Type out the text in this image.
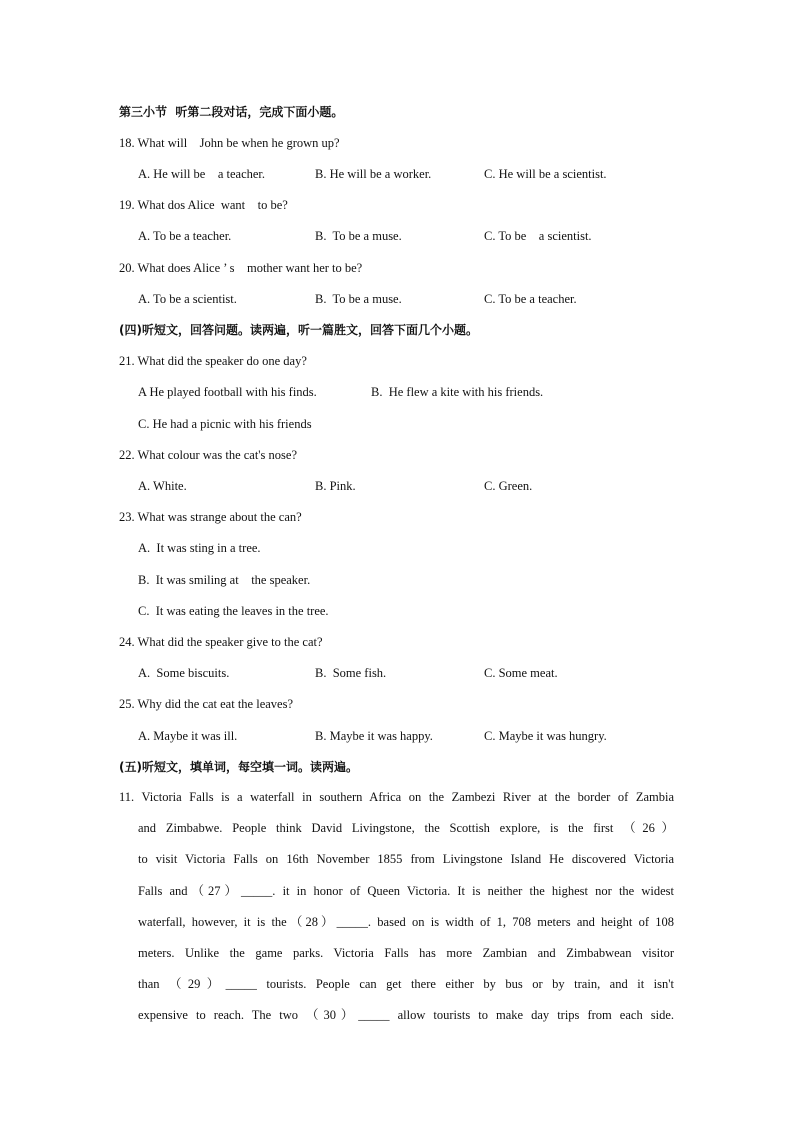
第三小节  听第二段对话，完成下面小题。
18. What will    John be when he grown up?
A. He will be    a teacher.	B. He will be a worker.	C. He will be a scientist.
19. What dos Alice  want    to be?
A. To be a teacher.	B.  To be a muse.	C. To be    a scientist.
20. What does Alice ’ s    mother want her to be?
A. To be a scientist.	B.  To be a muse.	C. To be a teacher.
(四)听短文，回答问题。读两遍，听一篇胜文，回答下面几个小题。
21. What did the speaker do one day?
A He played football with his finds.	B.  He flew a kite with his friends.
C. He had a picnic with his friends
22. What colour was the cat's nose?
A. White.	B. Pink.	C. Green.
23. What was strange about the can?
A.  It was sting in a tree.
B.  It was smiling at    the speaker.
C.  It was eating the leaves in the tree.
24. What did the speaker give to the cat?
A.  Some biscuits.	B.  Some fish.	C. Some meat.
25. Why did the cat eat the leaves?
A. Maybe it was ill.	B. Maybe it was happy.	C. Maybe it was hungry.
(五)听短文，填单词，每空填一词。读两遍。
11. Victoria Falls is a waterfall in southern Africa on the Zambezi River at the border of Zambia
and Zimbabwe. People think David Livingstone, the Scottish explore, is the first （26）
to visit Victoria Falls on 16th November 1855 from Livingstone Island He discovered Victoria
Falls and（27）_____. it in honor of Queen Victoria. It is neither the highest nor the widest
waterfall, however, it is the（28）_____. based on is width of 1, 708 meters and height of 108
meters. Unlike the game parks. Victoria Falls has more Zambian and Zimbabwean visitor
than （29）_____ tourists. People can get there either by bus or by train, and it isn't
expensive to reach. The two （30）_____ allow tourists to make day trips from each side.
